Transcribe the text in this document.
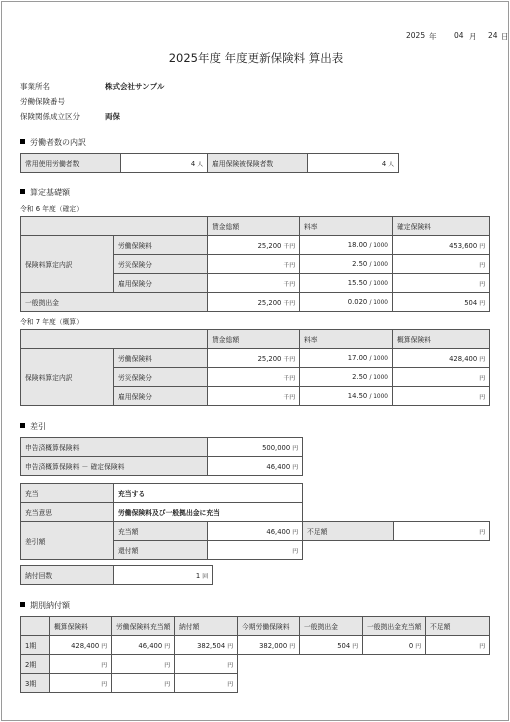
2025 年 04 月 24 日
2025年度 年度更新保険料 算出表
事業所名	株式会社サンプル
労働保険番号
保険関係成立区分	両保
労働者数の内訳
常用使用労働者数	4 人	雇用保険被保険者数	4 人
算定基礎額
令和 6 年度（確定）
		賃金総額	料率	確定保険料
保険料算定内訳	労働保険料	25,200 千円	18.00 / 1000	453,600 円
	労災保険分	千円	2.50 / 1000	円
	雇用保険分	千円	15.50 / 1000	円
一般拠出金		25,200 千円	0.020 / 1000	504 円
令和 7 年度（概算）
		賃金総額	料率	概算保険料
保険料算定内訳	労働保険料	25,200 千円	17.00 / 1000	428,400 円
	労災保険分	千円	2.50 / 1000	円
	雇用保険分	千円	14.50 / 1000	円
差引
申告済概算保険料	500,000 円
申告済概算保険料 － 確定保険料	46,400 円
充当	充当する			
充当意思	労働保険料及び一般拠出金に充当			
差引額	充当額	46,400 円	不足額	円
	還付額	円		
納付回数	1 回
期別納付額
	概算保険料	労働保険料充当額	納付額	今期労働保険料	一般拠出金	一般拠出金充当額	不足額
1期	428,400 円	46,400 円	382,504 円	382,000 円	504 円	0 円	円
2期	円	円	円				
3期	円	円	円				
